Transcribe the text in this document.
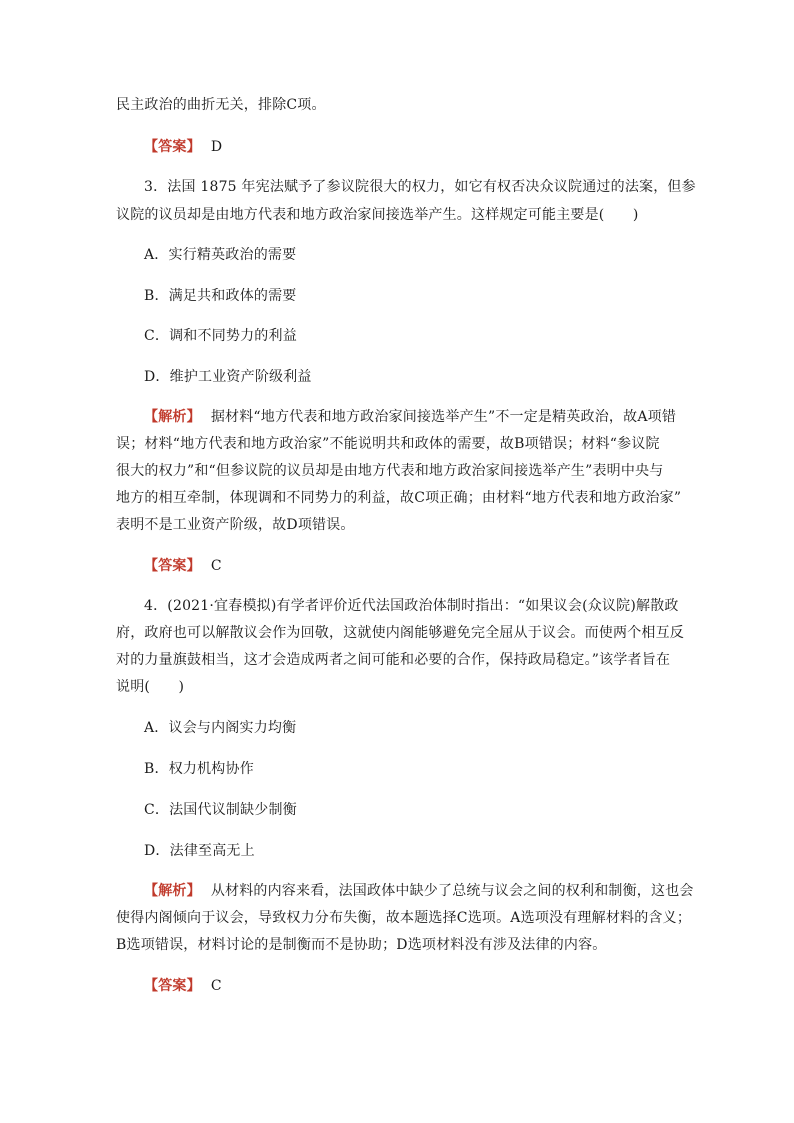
民主政治的曲折无关，排除C项。
【答案】 D
3．法国 1875 年宪法赋予了参议院很大的权力，如它有权否决众议院通过的法案，但参
议院的议员却是由地方代表和地方政治家间接选举产生。这样规定可能主要是(　　)
A．实行精英政治的需要
B．满足共和政体的需要
C．调和不同势力的利益
D．维护工业资产阶级利益
【解析】 据材料“地方代表和地方政治家间接选举产生”不一定是精英政治，故A项错
误；材料“地方代表和地方政治家”不能说明共和政体的需要，故B项错误；材料“参议院
很大的权力”和“但参议院的议员却是由地方代表和地方政治家间接选举产生”表明中央与
地方的相互牵制，体现调和不同势力的利益，故C项正确；由材料“地方代表和地方政治家”
表明不是工业资产阶级，故D项错误。
【答案】 C
4．(2021·宜春模拟)有学者评价近代法国政治体制时指出：“如果议会(众议院)解散政
府，政府也可以解散议会作为回敬，这就使内阁能够避免完全屈从于议会。而使两个相互反
对的力量旗鼓相当，这才会造成两者之间可能和必要的合作，保持政局稳定。”该学者旨在
说明(　　)
A．议会与内阁实力均衡
B．权力机构协作
C．法国代议制缺少制衡
D．法律至高无上
【解析】 从材料的内容来看，法国政体中缺少了总统与议会之间的权利和制衡，这也会
使得内阁倾向于议会，导致权力分布失衡，故本题选择C选项。A选项没有理解材料的含义；
B选项错误，材料讨论的是制衡而不是协助；D选项材料没有涉及法律的内容。
【答案】 C
